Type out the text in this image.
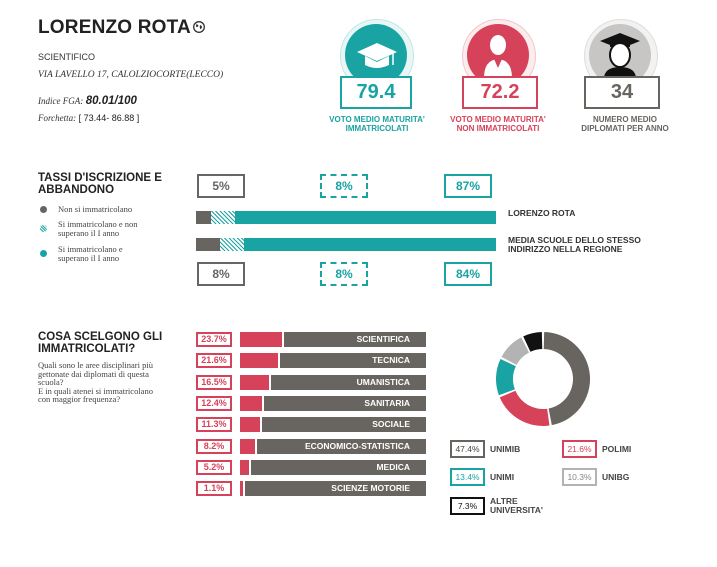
LORENZO ROTA
SCIENTIFICO
VIA LAVELLO 17, CALOLZIOCORTE(LECCO)
Indice FGA: 80.01/100
Forchetta: [ 73.44- 86.88 ]
79.4
VOTO MEDIO MATURITA'
IMMATRICOLATI
72.2
VOTO MEDIO MATURITA'
NON IMMATRICOLATI
34
NUMERO MEDIO
DIPLOMATI PER ANNO
TASSI D'ISCRIZIONE E
ABBANDONO
Non si immatricolano
Si immatricolano e non
superano il I anno
Si immatricolano e
superano il I anno
5%	8%	87%
LORENZO ROTA
MEDIA SCUOLE DELLO STESSO
INDIRIZZO NELLA REGIONE
8%	8%	84%
COSA SCELGONO GLI
IMMATRICOLATI?
Quali sono le aree disciplinari più
gettonate dai diplomati di questa
scuola?
E in quali atenei si immatricolano
con maggior frequenza?
23.7%	SCIENTIFICA
21.6%	TECNICA
16.5%	UMANISTICA
12.4%	SANITARIA
11.3%	SOCIALE
8.2%	ECONOMICO-STATISTICA
5.2%	MEDICA
1.1%	SCIENZE MOTORIE
47.4%	UNIMIB	21.6%	POLIMI
13.4%	UNIMI	10.3%	UNIBG
7.3%	ALTRE
UNIVERSITA'
